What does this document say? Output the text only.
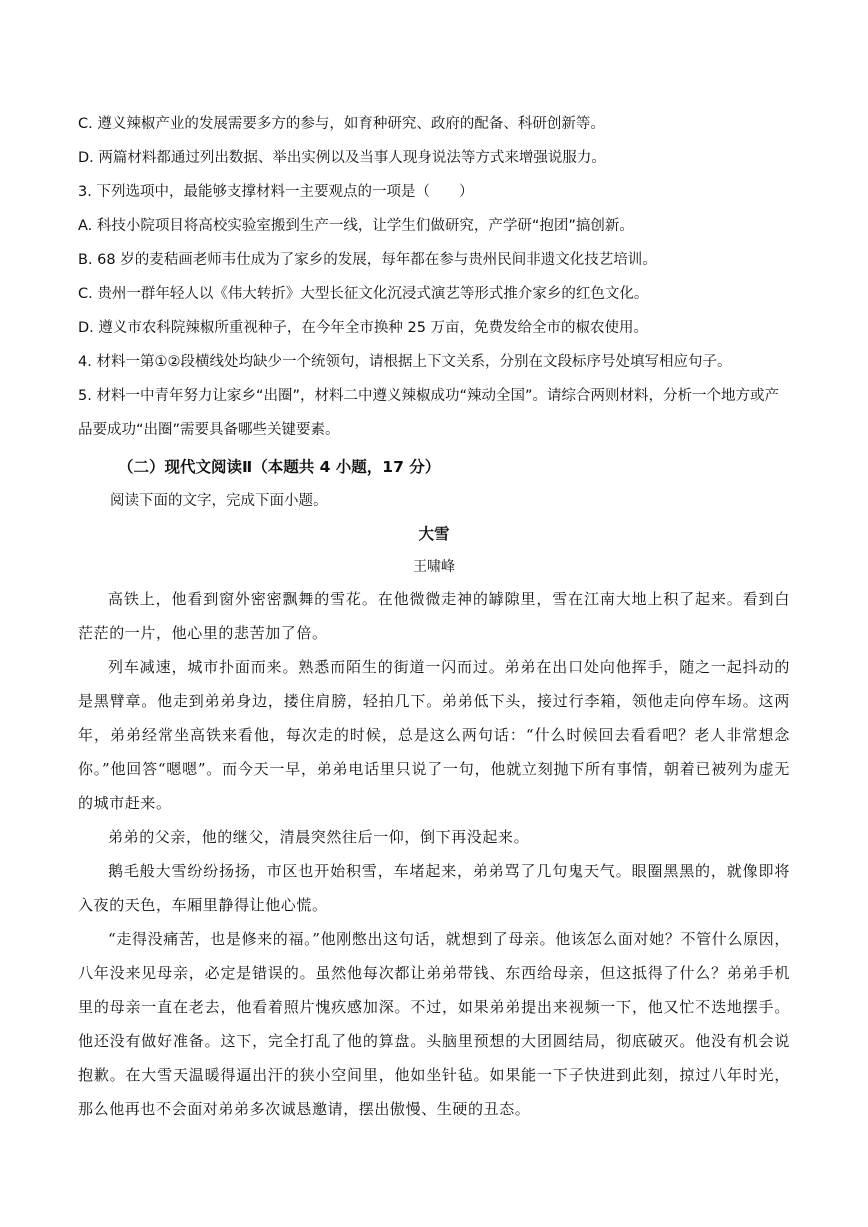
C. 遵义辣椒产业的发展需要多方的参与，如育种研究、政府的配备、科研创新等。
D. 两篇材料都通过列出数据、举出实例以及当事人现身说法等方式来增强说服力。
3. 下列选项中，最能够支撑材料一主要观点的一项是（　　）
A. 科技小院项目将高校实验室搬到生产一线，让学生们做研究，产学研“抱团”搞创新。
B. 68 岁的麦秸画老师韦仕成为了家乡的发展，每年都在参与贵州民间非遗文化技艺培训。
C. 贵州一群年轻人以《伟大转折》大型长征文化沉浸式演艺等形式推介家乡的红色文化。
D. 遵义市农科院辣椒所重视种子，在今年全市换种 25 万亩，免费发给全市的椒农使用。
4. 材料一第①②段横线处均缺少一个统领句，请根据上下文关系，分别在文段标序号处填写相应句子。
5. 材料一中青年努力让家乡“出圈”，材料二中遵义辣椒成功“辣动全国”。请综合两则材料，分析一个地方或产品要成功“出圈”需要具备哪些关键要素。
（二）现代文阅读Ⅱ（本题共 4 小题，17 分）
阅读下面的文字，完成下面小题。
大雪
王啸峰
高铁上，他看到窗外密密飘舞的雪花。在他微微走神的罅隙里，雪在江南大地上积了起来。看到白茫茫的一片，他心里的悲苦加了倍。
列车减速，城市扑面而来。熟悉而陌生的街道一闪而过。弟弟在出口处向他挥手，随之一起抖动的是黑臂章。他走到弟弟身边，搂住肩膀，轻拍几下。弟弟低下头，接过行李箱，领他走向停车场。这两年，弟弟经常坐高铁来看他，每次走的时候，总是这么两句话：“什么时候回去看看吧？老人非常想念你。”他回答“嗯嗯”。而今天一早，弟弟电话里只说了一句，他就立刻抛下所有事情，朝着已被列为虚无的城市赶来。
弟弟的父亲，他的继父，清晨突然往后一仰，倒下再没起来。
鹅毛般大雪纷纷扬扬，市区也开始积雪，车堵起来，弟弟骂了几句鬼天气。眼圈黑黑的，就像即将入夜的天色，车厢里静得让他心慌。
“走得没痛苦，也是修来的福。”他刚憋出这句话，就想到了母亲。他该怎么面对她？不管什么原因，八年没来见母亲，必定是错误的。虽然他每次都让弟弟带钱、东西给母亲，但这抵得了什么？弟弟手机里的母亲一直在老去，他看着照片愧疚感加深。不过，如果弟弟提出来视频一下，他又忙不迭地摆手。他还没有做好准备。这下，完全打乱了他的算盘。头脑里预想的大团圆结局，彻底破灭。他没有机会说抱歉。在大雪天温暖得逼出汗的狭小空间里，他如坐针毡。如果能一下子快进到此刻，掠过八年时光，那么他再也不会面对弟弟多次诚恳邀请，摆出傲慢、生硬的丑态。
